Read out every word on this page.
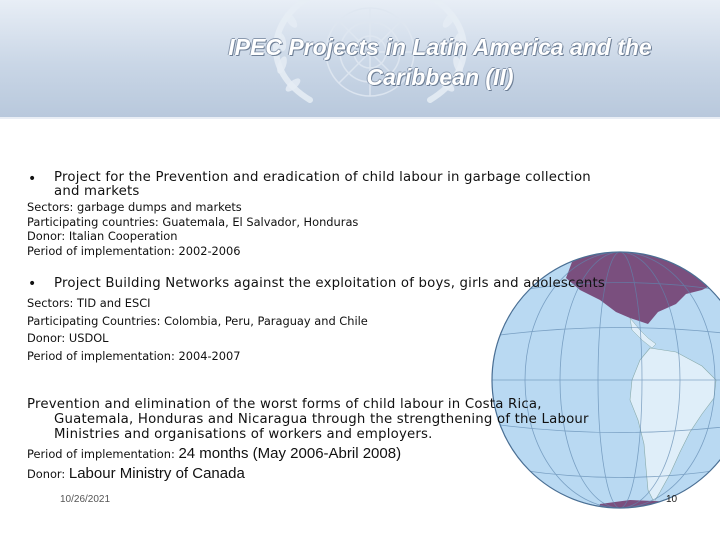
IPEC Projects in Latin America and the Caribbean (II)
• Project for the Prevention and eradication of child labour in garbage collection
and markets
Sectors: garbage dumps and markets
Participating countries: Guatemala, El Salvador, Honduras
Donor: Italian Cooperation
Period of implementation: 2002-2006
• Project Building Networks against the exploitation of boys, girls and adolescents
Sectors: TID and ESCI
Participating Countries: Colombia, Peru, Paraguay and Chile
Donor: USDOL
Period of implementation: 2004-2007
Prevention and elimination of the worst forms of child labour in Costa Rica,
Guatemala, Honduras and Nicaragua through the strengthening of the Labour
Ministries and organisations of workers and employers.
Period of implementation: 24 months (May 2006-Abril 2008)
Donor: Labour Ministry of Canada
10/26/2021	10
